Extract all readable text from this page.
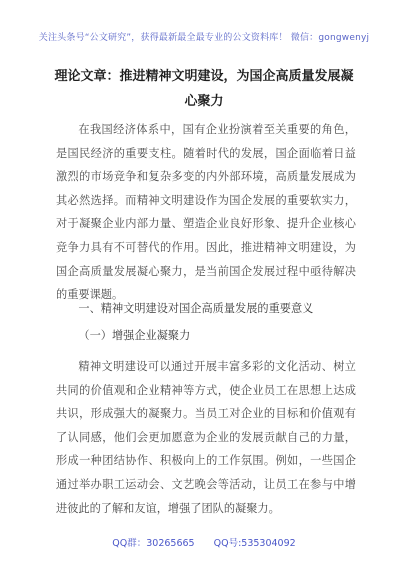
关注头条号“公文研究”，获得最新最全最专业的公文资料库！ 微信：gongwenyj
理论文章：推进精神文明建设，为国企高质量发展凝心聚力

在我国经济体系中，国有企业扮演着至关重要的角色，是国民经济的重要支柱。随着时代的发展，国企面临着日益激烈的市场竞争和复杂多变的内外部环境，高质量发展成为其必然选择。而精神文明建设作为国企发展的重要软实力，对于凝聚企业内部力量、塑造企业良好形象、提升企业核心竞争力具有不可替代的作用。因此，推进精神文明建设，为国企高质量发展凝心聚力，是当前国企发展过程中亟待解决的重要课题。

一、精神文明建设对国企高质量发展的重要意义

（一）增强企业凝聚力

精神文明建设可以通过开展丰富多彩的文化活动、树立共同的价值观和企业精神等方式，使企业员工在思想上达成共识，形成强大的凝聚力。当员工对企业的目标和价值观有了认同感，他们会更加愿意为企业的发展贡献自己的力量，形成一种团结协作、积极向上的工作氛围。例如，一些国企通过举办职工运动会、文艺晚会等活动，让员工在参与中增进彼此的了解和友谊，增强了团队的凝聚力。

QQ群：30265665 QQ号:535304092
